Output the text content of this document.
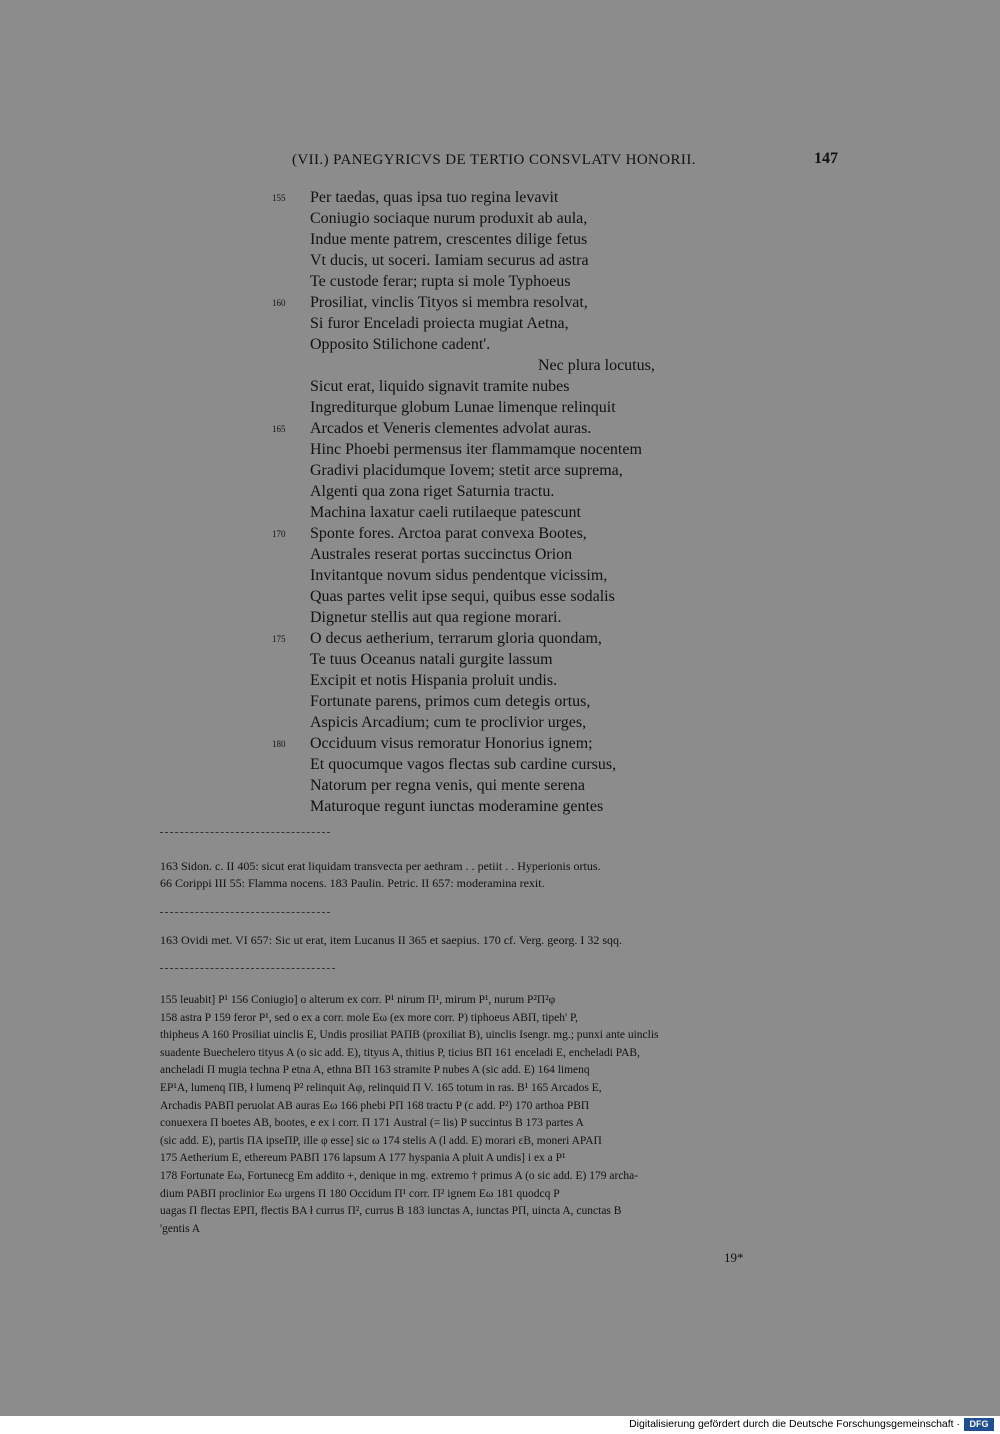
(VII.) PANEGYRICVS DE TERTIO CONSVLATV HONORII.	147
155 Per taedas, quas ipsa tuo regina levavit
Coniugio sociaque nurum produxit ab aula,
Indue mente patrem, crescentes dilige fetus
Vt ducis, ut soceri. Iamiam securus ad astra
Te custode ferar; rupta si mole Typhoeus
160 Prosiliat, vinclis Tityos si membra resolvat,
Si furor Enceladi proiecta mugiat Aetna,
Opposito Stilichone cadent'.
Nec plura locutus,
Sicut erat, liquido signavit tramite nubes
Ingrediturque globum Lunae limenque relinquit
165 Arcados et Veneris clementes advolat auras.
Hinc Phoebi permensus iter flammamque nocentem
Gradivi placidumque Iovem; stetit arce suprema,
Algenti qua zona riget Saturnia tractu.
Machina laxatur caeli rutilaeque patescunt
170 Sponte fores. Arctoa parat convexa Bootes,
Australes reserat portas succinctus Orion
Invitantque novum sidus pendentque vicissim,
Quas partes velit ipse sequi, quibus esse sodalis
Dignetur stellis aut qua regione morari.
175 O decus aetherium, terrarum gloria quondam,
Te tuus Oceanus natali gurgite lassum
Excipit et notis Hispania proluit undis.
Fortunate parens, primos cum detegis ortus,
Aspicis Arcadium; cum te proclivior urges,
180 Occiduum visus remoratur Honorius ignem;
Et quocumque vagos flectas sub cardine cursus,
Natorum per regna venis, qui mente serena
Maturoque regunt iunctas moderamine gentes

163 Sidon. c. II 405: sicut erat liquidam transvecta per aethram . . petiit . . Hyperionis ortus.

66 Corippi III 55: Flamma nocens. 183 Paulin. Petric. II 657: moderamina rexit.

163 Ovidi met. VI 657: Sic ut erat, item Lucanus II 365 et saepius. 170 cf. Verg. georg. I 32 sqq.

155 leuabit] P¹ 156 Coniugio] o alterum ex corr. P¹ nirum Π¹, mirum P¹, nurum P²Π²φ

158 astra P 159 feror P¹, sed o ex a corr. mole Eω (ex more corr. P) tiphoeus ABΠ, tipeh' P,

thipheus A 160 Prosiliat uinclis E, Undis prosiliat PAΠB (proxiliat B), uinclis Isengr. mg.; punxi ante uinclis

suadente Buechelero tityus A (o sic add. E), tityus A, thitius P, ticius BΠ 161 enceladi E, encheladi PAB,

ancheladi Π mugia techna P etna A, ethna BΠ 163 stramite P nubes A (sic add. E) 164 limenq

EP¹A, lumenq ΠB, ł lumenq P² relinquit Aφ, relinquid Π V. 165 totum in ras. B¹ 165 Arcados E,

Archadis PABΠ peruolat AB auras Eω 166 phebi PΠ 168 tractu P (c add. P²) 170 arthoa PBΠ

conuexera Π boetes AB, bootes, e ex i corr. Π 171 Austral (= lis) P succintus B 173 partes A

(sic add. E), partis ΠA ipseΠP, ille φ esse] sic ω 174 stelis A (l add. E) morari εB, moneri APAΠ

175 Aetherium E, ethereum PABΠ 176 lapsum A 177 hyspania A pluit A undis] i ex a P¹

178 Fortunate Eω, Fortunecg Em addito +, denique in mg. extremo † primus A (o sic add. E) 179 archa-

dium PABΠ proclinior Eω urgens Π 180 Occidum Π¹ corr. Π² ignem Eω 181 quodcq P

uagas Π flectas EPΠ, flectis BA ł currus Π², currus B 183 iunctas A, iunctas PΠ, uincta A, cunctas B

'gentis A

19*
Digitalisierung gefördert durch die Deutsche Forschungsgemeinschaft ·	DFG
